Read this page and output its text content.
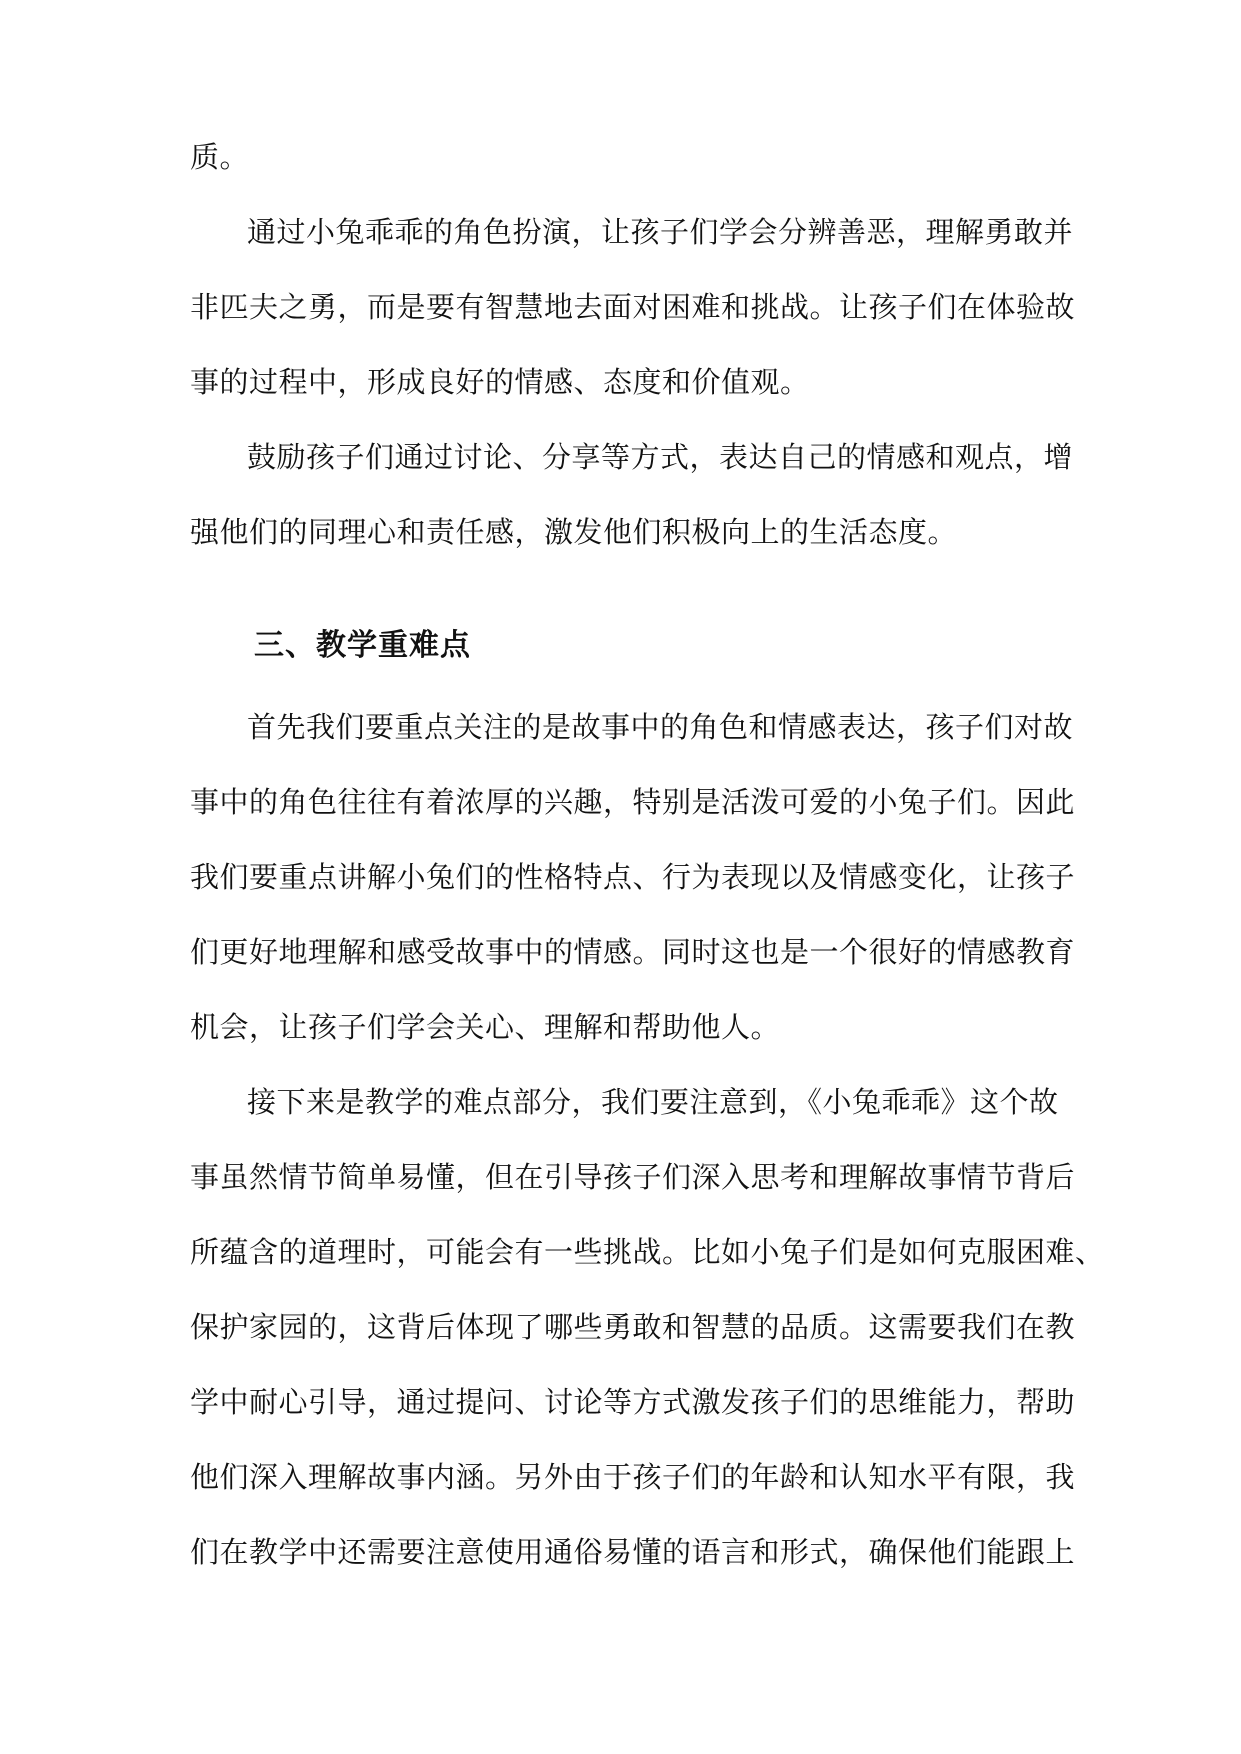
质。
通过小兔乖乖的角色扮演，让孩子们学会分辨善恶，理解勇敢并
非匹夫之勇，而是要有智慧地去面对困难和挑战。让孩子们在体验故
事的过程中，形成良好的情感、态度和价值观。
鼓励孩子们通过讨论、分享等方式，表达自己的情感和观点，增
强他们的同理心和责任感，激发他们积极向上的生活态度。
三、教学重难点
首先我们要重点关注的是故事中的角色和情感表达，孩子们对故
事中的角色往往有着浓厚的兴趣，特别是活泼可爱的小兔子们。因此
我们要重点讲解小兔们的性格特点、行为表现以及情感变化，让孩子
们更好地理解和感受故事中的情感。同时这也是一个很好的情感教育
机会，让孩子们学会关心、理解和帮助他人。
接下来是教学的难点部分，我们要注意到，《小兔乖乖》这个故
事虽然情节简单易懂，但在引导孩子们深入思考和理解故事情节背后
所蕴含的道理时，可能会有一些挑战。比如小兔子们是如何克服困难、
保护家园的，这背后体现了哪些勇敢和智慧的品质。这需要我们在教
学中耐心引导，通过提问、讨论等方式激发孩子们的思维能力，帮助
他们深入理解故事内涵。另外由于孩子们的年龄和认知水平有限，我
们在教学中还需要注意使用通俗易懂的语言和形式，确保他们能跟上
